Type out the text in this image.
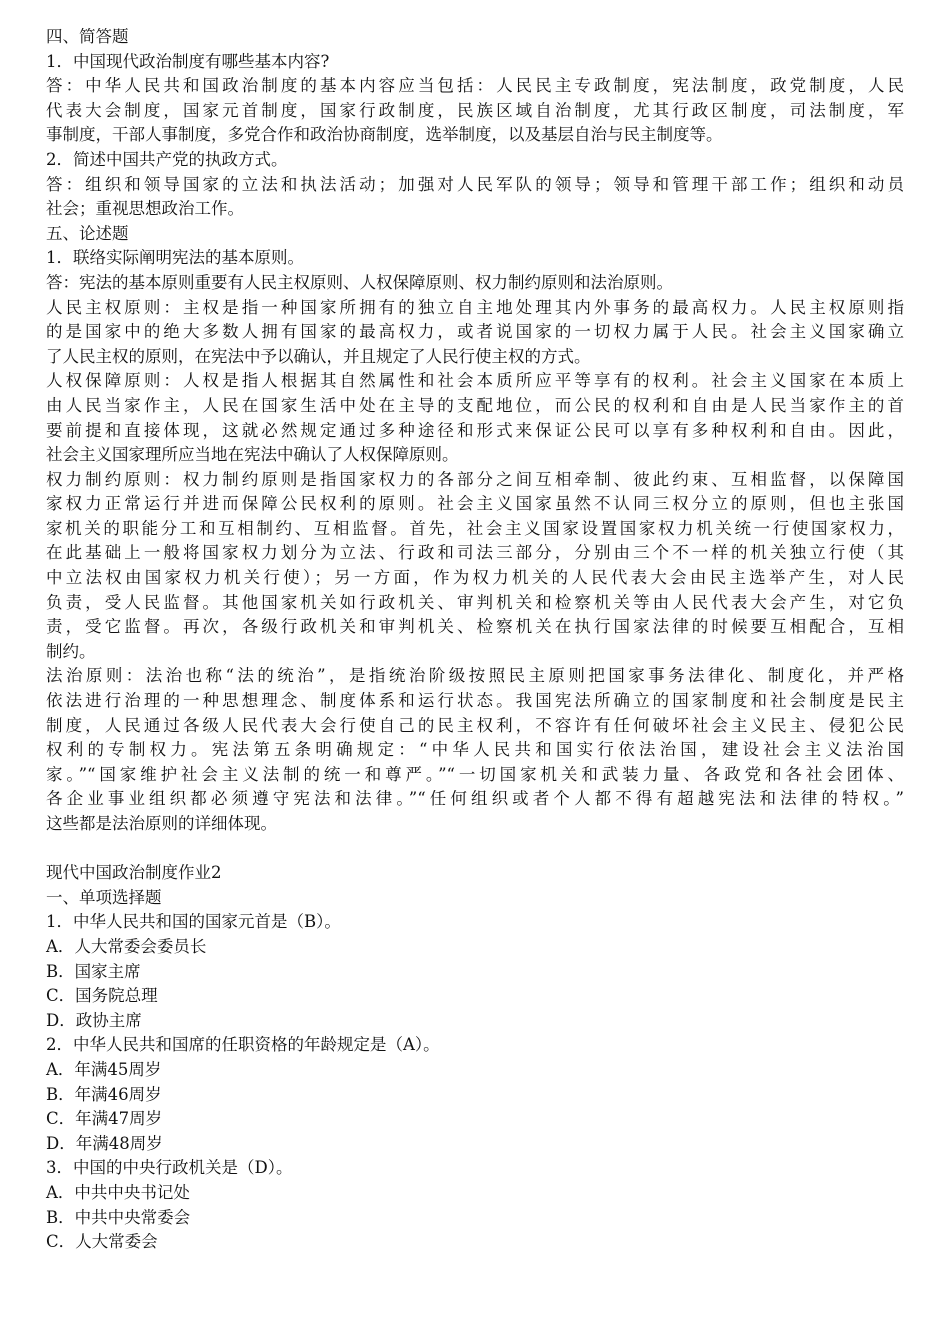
四、简答题
1．中国现代政治制度有哪些基本内容?
答：中华人民共和国政治制度的基本内容应当包括：人民民主专政制度，宪法制度，政党制度，人民
代表大会制度，国家元首制度，国家行政制度，民族区域自治制度，尤其行政区制度，司法制度，军
事制度，干部人事制度，多党合作和政治协商制度，选举制度，以及基层自治与民主制度等。
2．简述中国共产党的执政方式。
答：组织和领导国家的立法和执法活动；加强对人民军队的领导；领导和管理干部工作；组织和动员
社会；重视思想政治工作。
五、论述题
1．联络实际阐明宪法的基本原则。
答：宪法的基本原则重要有人民主权原则、人权保障原则、权力制约原则和法治原则。
人民主权原则：主权是指一种国家所拥有的独立自主地处理其内外事务的最高权力。人民主权原则指
的是国家中的绝大多数人拥有国家的最高权力，或者说国家的一切权力属于人民。社会主义国家确立
了人民主权的原则，在宪法中予以确认，并且规定了人民行使主权的方式。
人权保障原则：人权是指人根据其自然属性和社会本质所应平等享有的权利。社会主义国家在本质上
由人民当家作主，人民在国家生活中处在主导的支配地位，而公民的权利和自由是人民当家作主的首
要前提和直接体现，这就必然规定通过多种途径和形式来保证公民可以享有多种权利和自由。因此，
社会主义国家理所应当地在宪法中确认了人权保障原则。
权力制约原则：权力制约原则是指国家权力的各部分之间互相牵制、彼此约束、互相监督，以保障国
家权力正常运行并进而保障公民权利的原则。社会主义国家虽然不认同三权分立的原则，但也主张国
家机关的职能分工和互相制约、互相监督。首先，社会主义国家设置国家权力机关统一行使国家权力，
在此基础上一般将国家权力划分为立法、行政和司法三部分，分别由三个不一样的机关独立行使（其
中立法权由国家权力机关行使）；另一方面，作为权力机关的人民代表大会由民主选举产生，对人民
负责，受人民监督。其他国家机关如行政机关、审判机关和检察机关等由人民代表大会产生，对它负
责，受它监督。再次，各级行政机关和审判机关、检察机关在执行国家法律的时候要互相配合，互相
制约。
法治原则：法治也称“法的统治”，是指统治阶级按照民主原则把国家事务法律化、制度化，并严格
依法进行治理的一种思想理念、制度体系和运行状态。我国宪法所确立的国家制度和社会制度是民主
制度，人民通过各级人民代表大会行使自己的民主权利，不容许有任何破坏社会主义民主、侵犯公民
权利的专制权力。宪法第五条明确规定：“中华人民共和国实行依法治国，建设社会主义法治国
家。”“国家维护社会主义法制的统一和尊严。”“一切国家机关和武装力量、各政党和各社会团体、
各企业事业组织都必须遵守宪法和法律。”“任何组织或者个人都不得有超越宪法和法律的特权。”
这些都是法治原则的详细体现。
现代中国政治制度作业2
一、单项选择题
1．中华人民共和国的国家元首是（B）。
A．人大常委会委员长
B．国家主席
C．国务院总理
D．政协主席
2．中华人民共和国席的任职资格的年龄规定是（A）。
A．年满45周岁
B．年满46周岁
C．年满47周岁
D．年满48周岁
3．中国的中央行政机关是（D）。
A．中共中央书记处
B．中共中央常委会
C．人大常委会
